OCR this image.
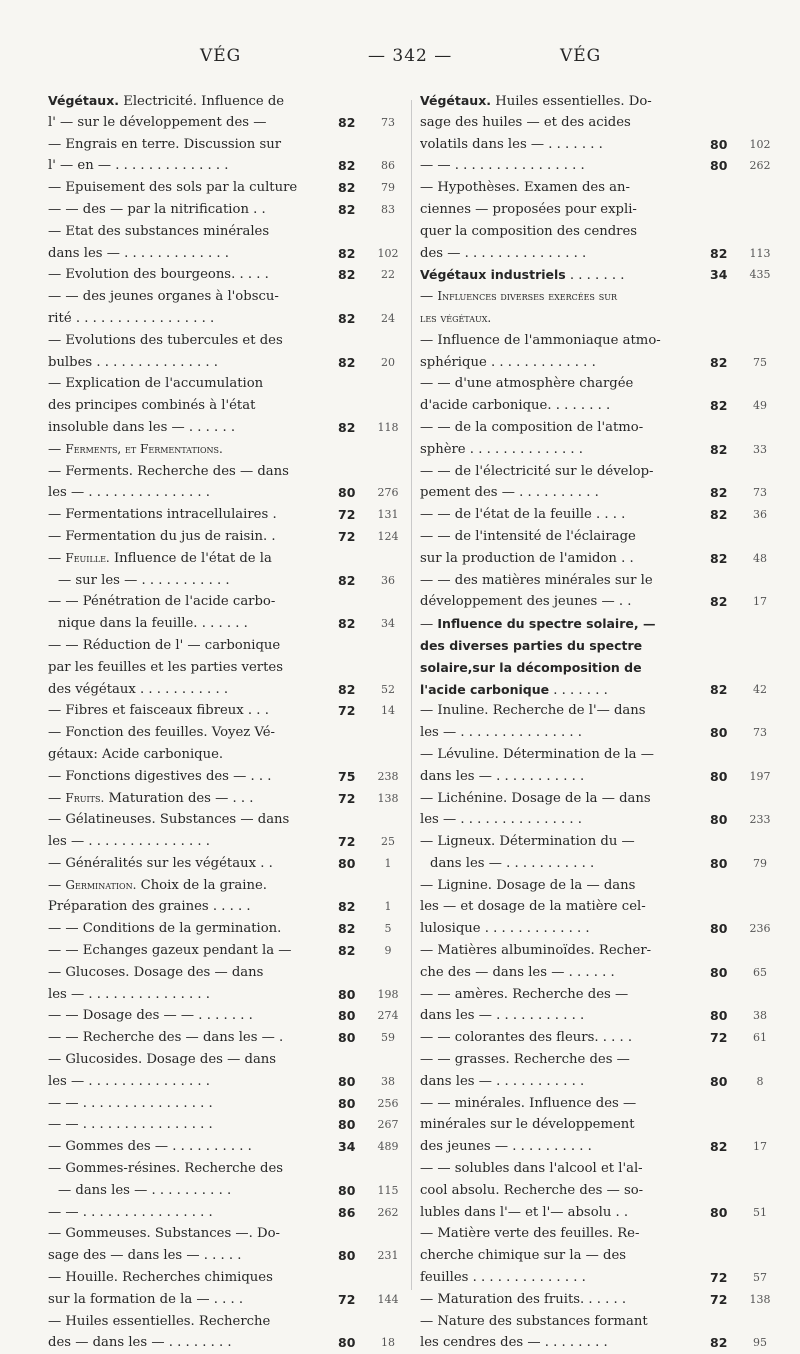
VÉG	— 342 —	VÉG
Végétaux. Electricité. Influence de
l' — sur le développement des —	82	73
— Engrais en terre. Discussion sur
l' — en — . . . . . . . . . . . . . .	82	86
— Epuisement des sols par la culture	82	79
— — des — par la nitrification . .	82	83
— Etat des substances minérales
dans les — . . . . . . . . . . . . .	82	102
— Evolution des bourgeons. . . . .	82	22
— — des jeunes organes à l'obscu-
rité . . . . . . . . . . . . . . . . .	82	24
— Evolutions des tubercules et des
bulbes . . . . . . . . . . . . . . .	82	20
— Explication de l'accumulation
des principes combinés à l'état
insoluble dans les — . . . . . .	82	118
— Ferments, et Fermentations.
— Ferments. Recherche des — dans
les — . . . . . . . . . . . . . . .	80	276
— Fermentations intracellulaires .	72	131
— Fermentation du jus de raisin. .	72	124
— Feuille. Influence de l'état de la
— sur les — . . . . . . . . . . .	82	36
— — Pénétration de l'acide carbo-
nique dans la feuille. . . . . . .	82	34
— — Réduction de l' — carbonique
par les feuilles et les parties vertes
des végétaux . . . . . . . . . . .	82	52
— Fibres et faisceaux fibreux . . .	72	14
— Fonction des feuilles. Voyez Vé-
gétaux: Acide carbonique.
— Fonctions digestives des — . . .	75	238
— Fruits. Maturation des — . . .	72	138
— Gélatineuses. Substances — dans
les — . . . . . . . . . . . . . . .	72	25
— Généralités sur les végétaux . .	80	1
— Germination. Choix de la graine.
Préparation des graines . . . . .	82	1
— — Conditions de la germination.	82	5
— — Echanges gazeux pendant la —	82	9
— Glucoses. Dosage des — dans
les — . . . . . . . . . . . . . . .	80	198
— — Dosage des — — . . . . . . .	80	274
— — Recherche des — dans les — .	80	59
— Glucosides. Dosage des — dans
les — . . . . . . . . . . . . . . .	80	38
— — . . . . . . . . . . . . . . . .	80	256
— — . . . . . . . . . . . . . . . .	80	267
— Gommes des — . . . . . . . . . .	34	489
— Gommes-résines. Recherche des
— dans les — . . . . . . . . . .	80	115
— — . . . . . . . . . . . . . . . .	86	262
— Gommeuses. Substances —. Do-
sage des — dans les — . . . . .	80	231
— Houille. Recherches chimiques
sur la formation de la — . . . .	72	144
— Huiles essentielles. Recherche
des — dans les — . . . . . . . .	80	18
Végétaux. Huiles essentielles. Do-
sage des huiles — et des acides
volatils dans les — . . . . . . .	80	102
— — . . . . . . . . . . . . . . . .	80	262
— Hypothèses. Examen des an-
ciennes — proposées pour expli-
quer la composition des cendres
des — . . . . . . . . . . . . . . .	82	113
Végétaux industriels . . . . . . .	34	435
— Influences diverses exercées sur
les végétaux.
— Influence de l'ammoniaque atmo-
sphérique . . . . . . . . . . . . .	82	75
— — d'une atmosphère chargée
d'acide carbonique. . . . . . . .	82	49
— — de la composition de l'atmo-
sphère . . . . . . . . . . . . . .	82	33
— — de l'électricité sur le dévelop-
pement des — . . . . . . . . . .	82	73
— — de l'état de la feuille . . . .	82	36
— — de l'intensité de l'éclairage
sur la production de l'amidon . .	82	48
— — des matières minérales sur le
développement des jeunes — . .	82	17
— Influence du spectre solaire, —
des diverses parties du spectre
solaire,sur la décomposition de
l'acide carbonique . . . . . . .	82	42
— Inuline. Recherche de l'— dans
les — . . . . . . . . . . . . . . .	80	73
— Lévuline. Détermination de la —
dans les — . . . . . . . . . . .	80	197
— Lichénine. Dosage de la — dans
les — . . . . . . . . . . . . . . .	80	233
— Ligneux. Détermination du —
dans les — . . . . . . . . . . .	80	79
— Lignine. Dosage de la — dans
les — et dosage de la matière cel-
lulosique . . . . . . . . . . . . .	80	236
— Matières albuminoïdes. Recher-
che des — dans les — . . . . . .	80	65
— — amères. Recherche des —
dans les — . . . . . . . . . . .	80	38
— — colorantes des fleurs. . . . .	72	61
— — grasses. Recherche des —
dans les — . . . . . . . . . . .	80	8
— — minérales. Influence des —
minérales sur le développement
des jeunes — . . . . . . . . . .	82	17
— — solubles dans l'alcool et l'al-
cool absolu. Recherche des — so-
lubles dans l'— et l'— absolu . .	80	51
— Matière verte des feuilles. Re-
cherche chimique sur la — des
feuilles . . . . . . . . . . . . . .	72	57
— Maturation des fruits. . . . . .	72	138
— Nature des substances formant
les cendres des — . . . . . . . .	82	95
